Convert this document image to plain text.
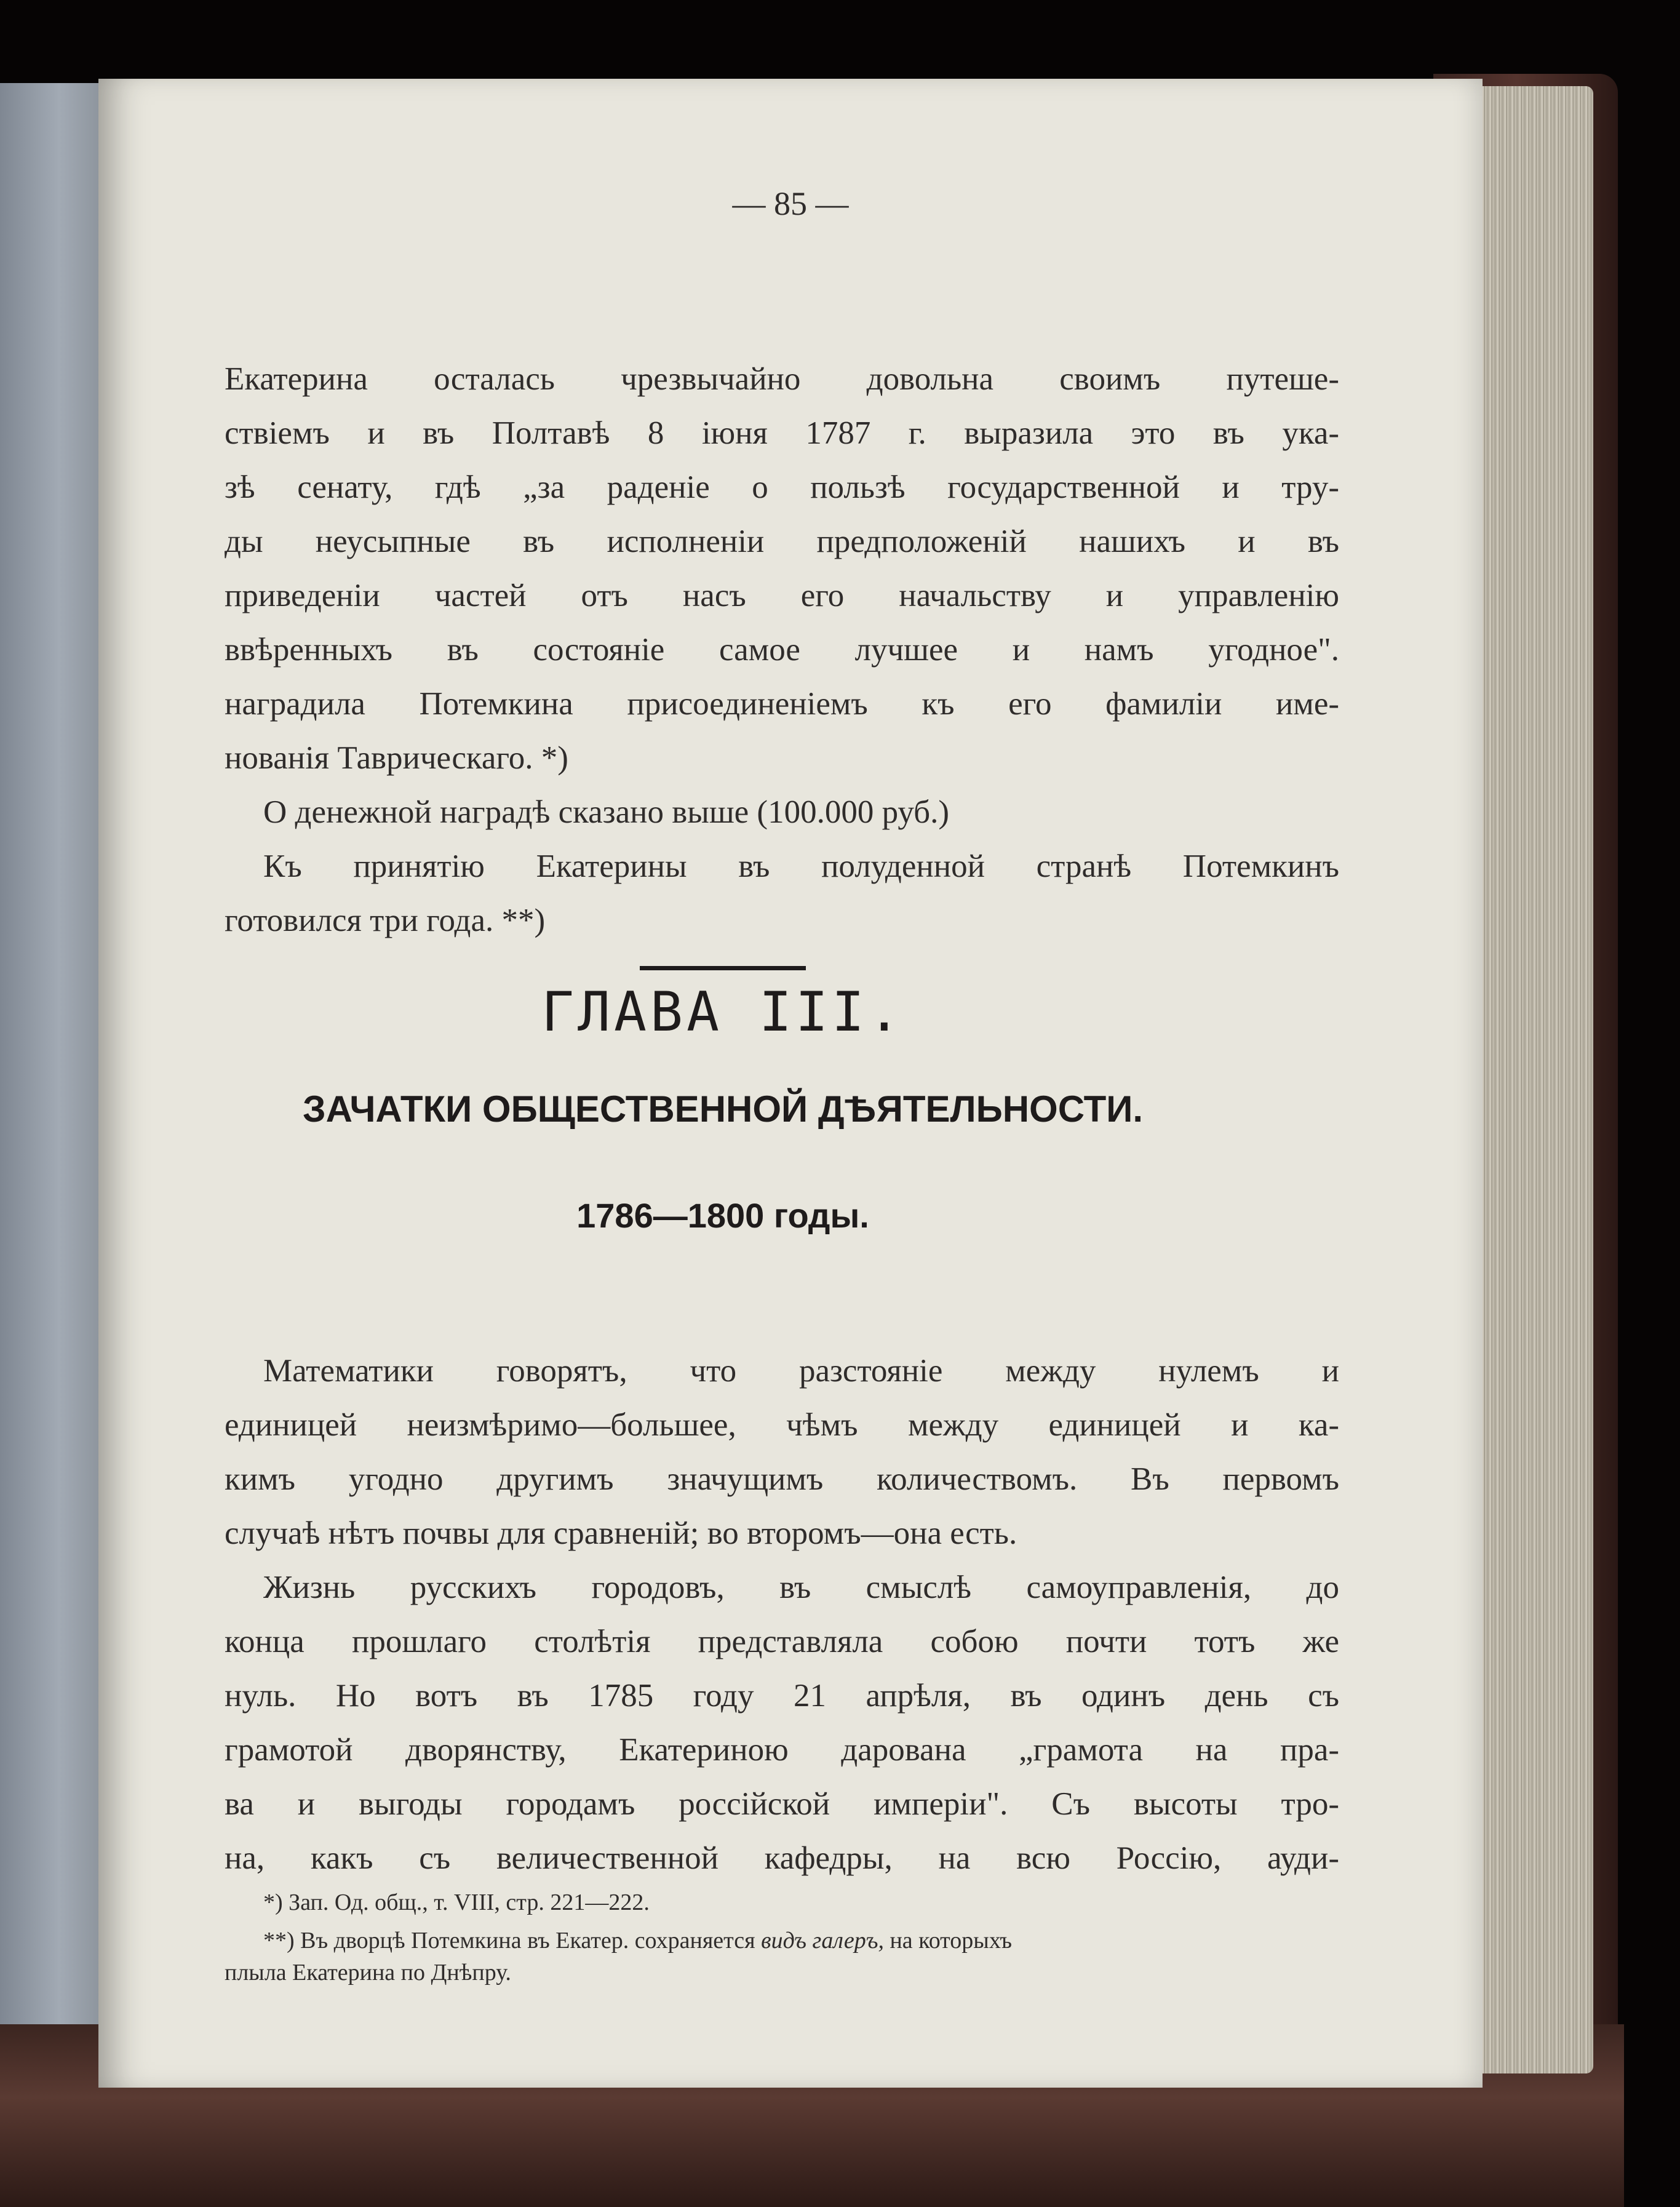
— 85 —
Екатерина осталась чрезвычайно довольна своимъ путеше-
ствіемъ и въ Полтавѣ 8 іюня 1787 г. выразила это въ ука-
зѣ сенату, гдѣ „за раденіе о пользѣ государственной и тру-
ды неусыпные въ исполненіи предположеній нашихъ и въ
приведеніи частей отъ насъ его начальству и управленію
ввѣренныхъ въ состояніе самое лучшее и намъ угодное".
наградила Потемкина присоединеніемъ къ его фамиліи име-
нованія Таврическаго. *)
О денежной наградѣ сказано выше (100.000 руб.)
Къ принятію Екатерины въ полуденной странѣ Потемкинъ
готовился три года. **)
ГЛАВА III.
ЗАЧАТКИ ОБЩЕСТВЕННОЙ ДѢЯТЕЛЬНОСТИ.
1786—1800 годы.
Математики говорятъ, что разстояніе между нулемъ и
единицей неизмѣримо—большее, чѣмъ между единицей и ка-
кимъ угодно другимъ значущимъ количествомъ. Въ первомъ
случаѣ нѣтъ почвы для сравненій; во второмъ—она есть.
Жизнь русскихъ городовъ, въ смыслѣ самоуправленія, до
конца прошлаго столѣтія представляла собою почти тотъ же
нуль. Но вотъ въ 1785 году 21 апрѣля, въ одинъ день съ
грамотой дворянству, Екатериною дарована „грамота на пра-
ва и выгоды городамъ россійской имперіи". Съ высоты тро-
на, какъ съ величественной кафедры, на всю Россію, ауди-
*) Зап. Од. общ., т. VIII, стр. 221—222.
**) Въ дворцѣ Потемкина въ Екатер. сохраняется видъ галеръ, на которыхъ
плыла Екатерина по Днѣпру.
